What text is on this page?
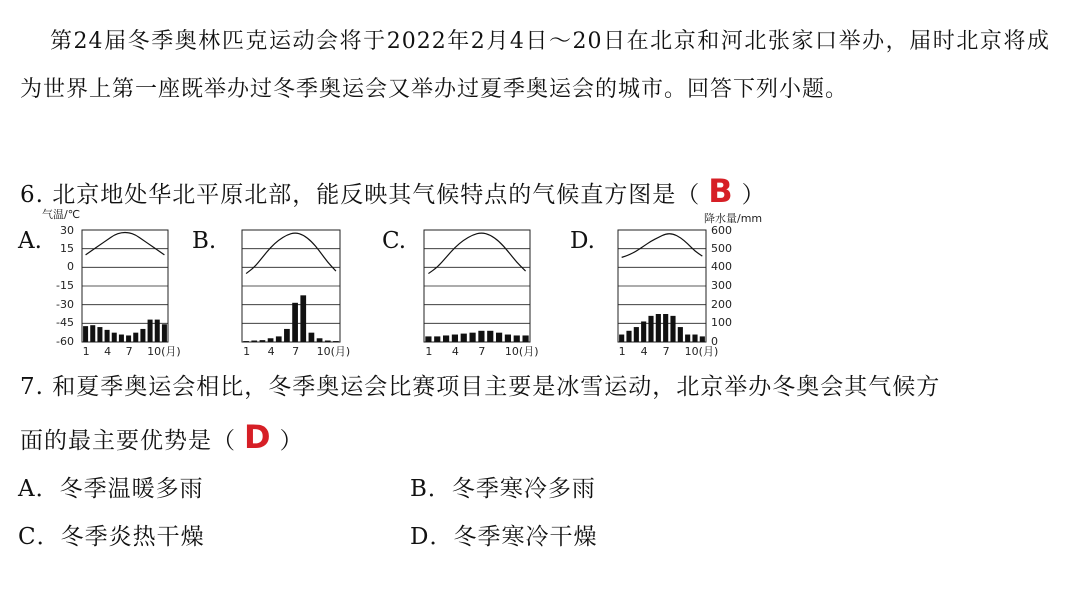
第24届冬季奥林匹克运动会将于2022年2月4日～20日在北京和河北张家口举办，届时北京将成为世界上第一座既举办过冬季奥运会又举办过夏季奥运会的城市。回答下列小题。
6. 北京地处华北平原北部，能反映其气候特点的气候直方图是（ B ）
A.	B.	C.	D.
气温/℃
30
15
0
-15
-30
-45
-60
降水量/mm
600
500
400
300
200
100
0
1 4 7 10(月)	1 4 7 10(月)	1 4 7 10(月)	1 4 7 10(月)
7. 和夏季奥运会相比，冬季奥运会比赛项目主要是冰雪运动，北京举办冬奥会其气候方
面的最主要优势是（ D ）
A．冬季温暖多雨	B．冬季寒冷多雨
C．冬季炎热干燥	D．冬季寒冷干燥
